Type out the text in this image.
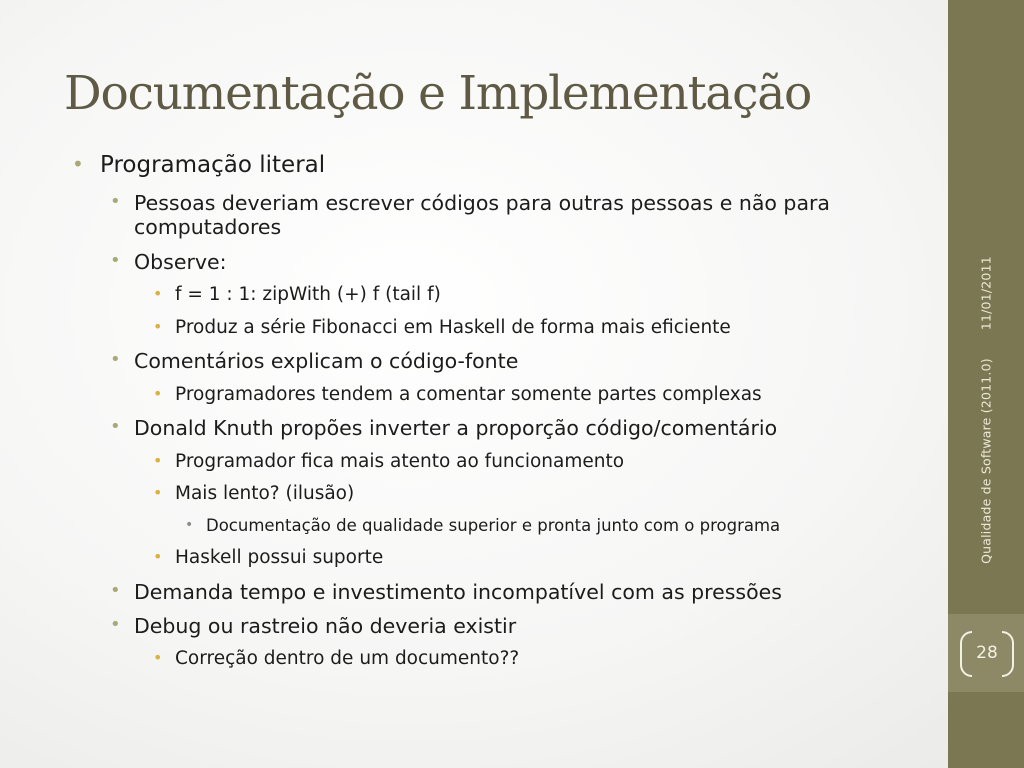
Documentação e Implementação
• Programação literal
• Pessoas deveriam escrever códigos para outras pessoas e não para computadores
• Observe:
• f = 1 : 1: zipWith (+) f (tail f)
• Produz a série Fibonacci em Haskell de forma mais eficiente
• Comentários explicam o código-fonte
• Programadores tendem a comentar somente partes complexas
• Donald Knuth propões inverter a proporção código/comentário
• Programador fica mais atento ao funcionamento
• Mais lento? (ilusão)
• Documentação de qualidade superior e pronta junto com o programa
• Haskell possui suporte
• Demanda tempo e investimento incompatível com as pressões
• Debug ou rastreio não deveria existir
• Correção dentro de um documento??
Qualidade de Software (2011.0)11/01/2011
28
